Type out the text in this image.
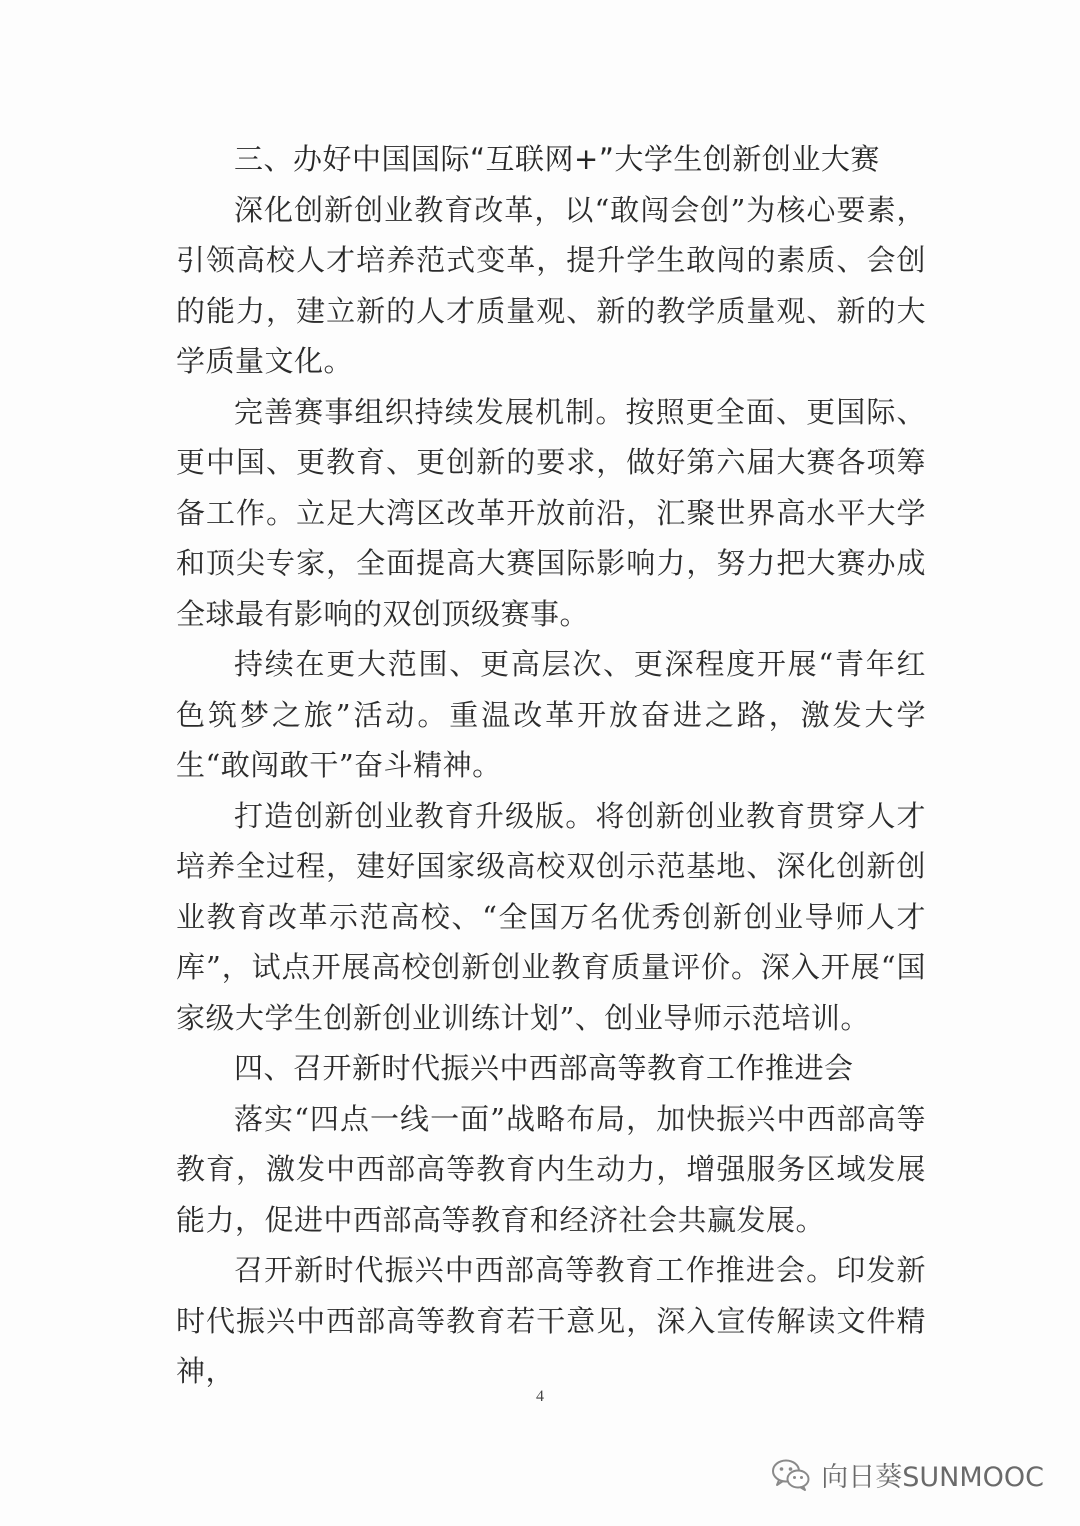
三、办好中国国际“互联网+”大学生创新创业大赛

深化创新创业教育改革，以“敢闯会创”为核心要素，引领高校人才培养范式变革，提升学生敢闯的素质、会创的能力，建立新的人才质量观、新的教学质量观、新的大学质量文化。

完善赛事组织持续发展机制。按照更全面、更国际、更中国、更教育、更创新的要求，做好第六届大赛各项筹备工作。立足大湾区改革开放前沿，汇聚世界高水平大学和顶尖专家，全面提高大赛国际影响力，努力把大赛办成全球最有影响的双创顶级赛事。

持续在更大范围、更高层次、更深程度开展“青年红色筑梦之旅”活动。重温改革开放奋进之路，激发大学生“敢闯敢干”奋斗精神。

打造创新创业教育升级版。将创新创业教育贯穿人才培养全过程，建好国家级高校双创示范基地、深化创新创业教育改革示范高校、“全国万名优秀创新创业导师人才库”，试点开展高校创新创业教育质量评价。深入开展“国家级大学生创新创业训练计划”、创业导师示范培训。

四、召开新时代振兴中西部高等教育工作推进会

落实“四点一线一面”战略布局，加快振兴中西部高等教育，激发中西部高等教育内生动力，增强服务区域发展能力，促进中西部高等教育和经济社会共赢发展。

召开新时代振兴中西部高等教育工作推进会。印发新时代振兴中西部高等教育若干意见，深入宣传解读文件精神，

4
向日葵SUNMOOC
